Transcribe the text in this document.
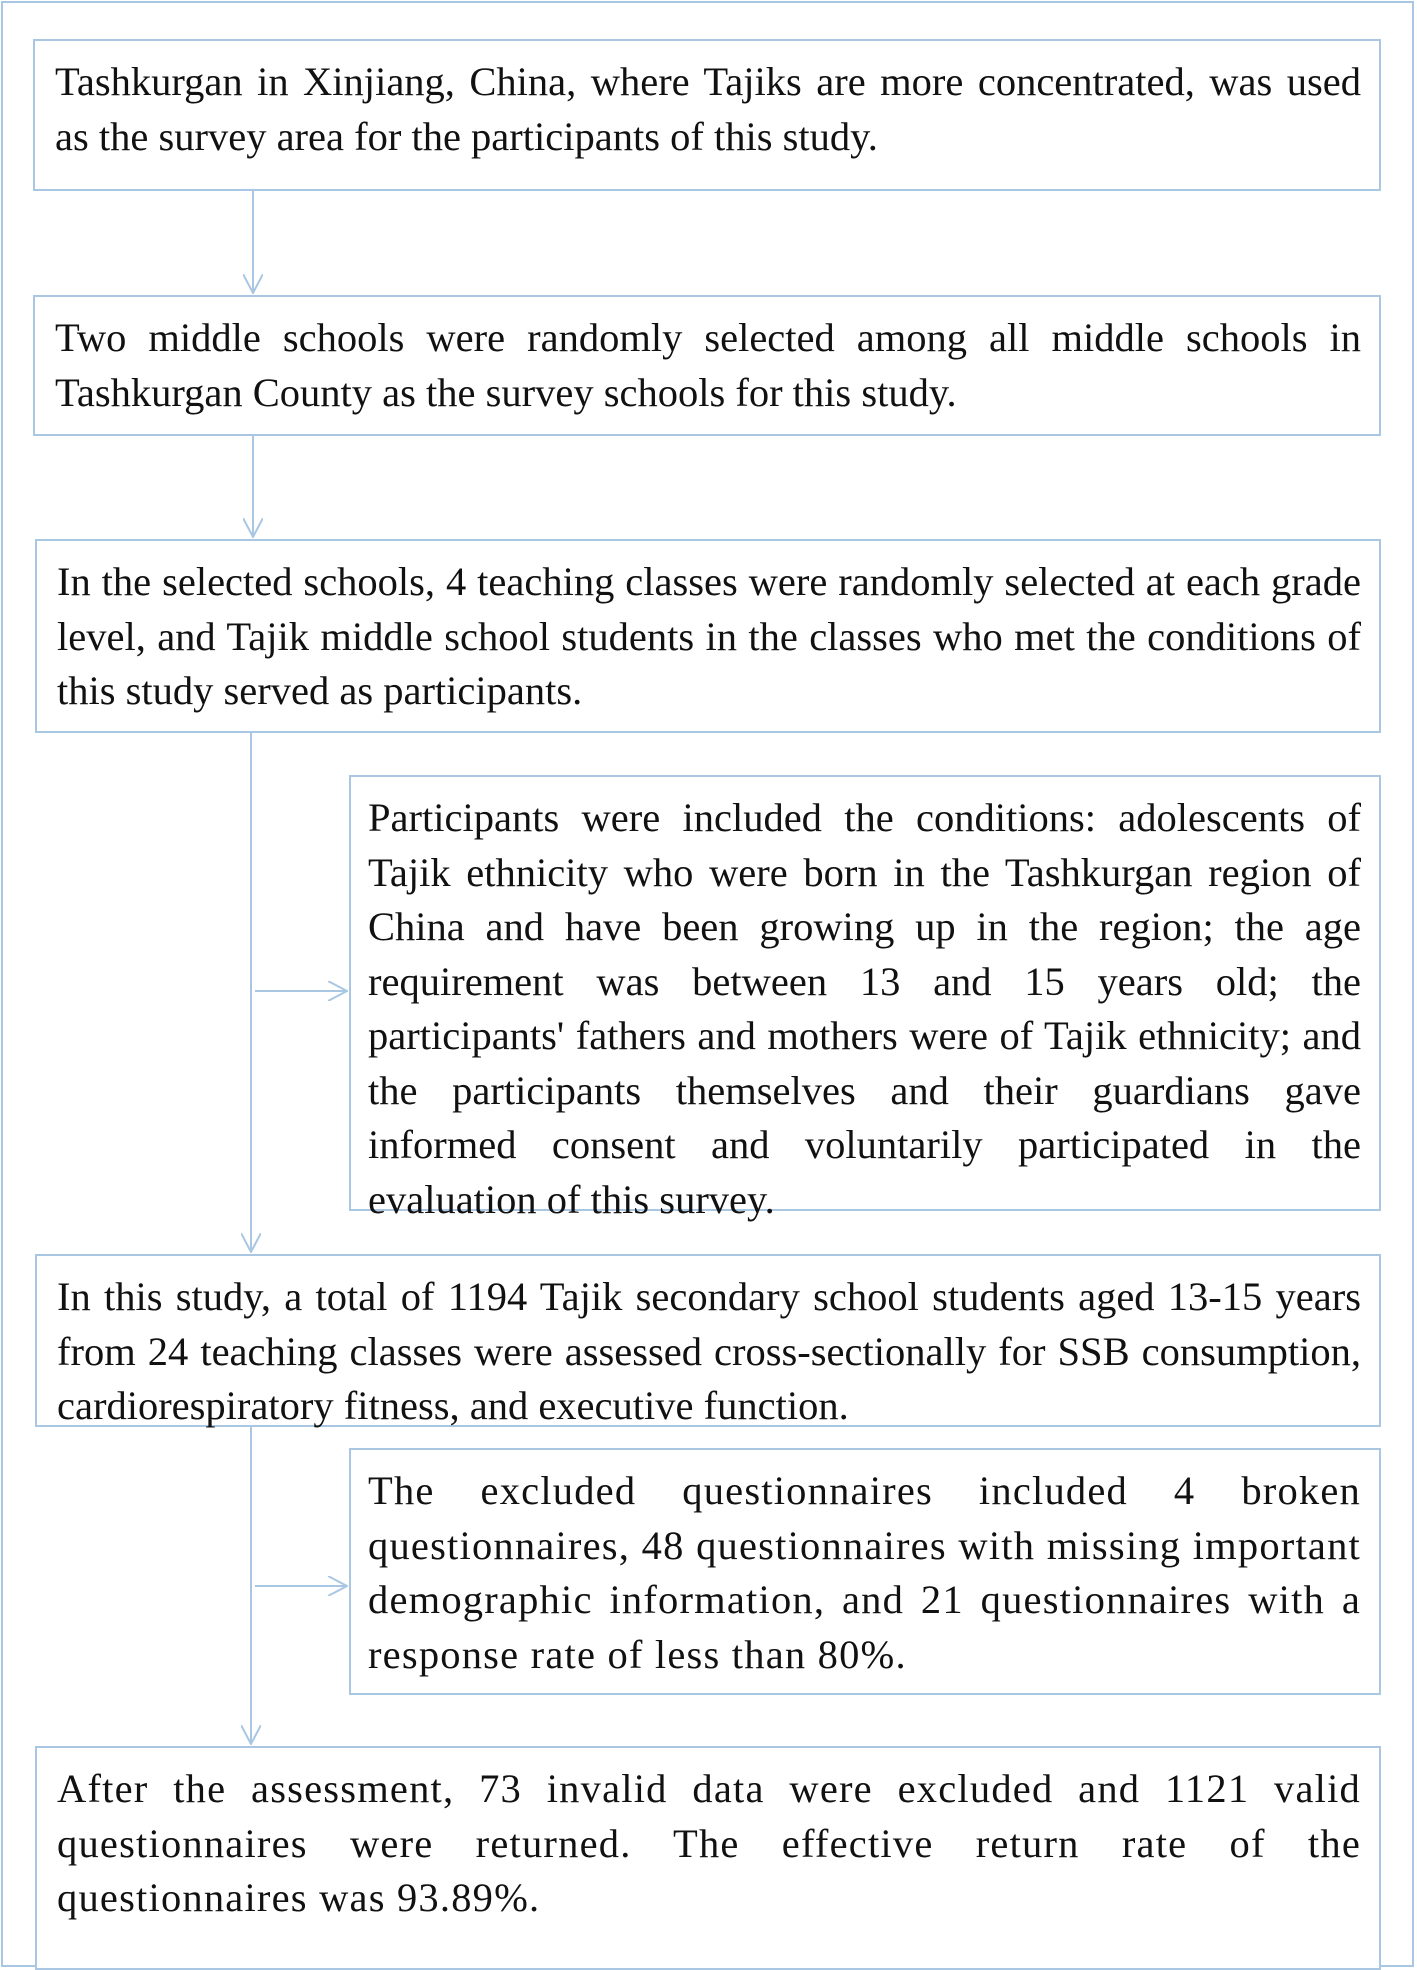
Tashkurgan in Xinjiang, China, where Tajiks are more concentrated, was used as the survey area for the participants of this study.
Two middle schools were randomly selected among all middle schools in Tashkurgan County as the survey schools for this study.
In the selected schools, 4 teaching classes were randomly selected at each grade level, and Tajik middle school students in the classes who met the conditions of this study served as participants.
Participants were included the conditions: adolescents of Tajik ethnicity who were born in the Tashkurgan region of China and have been growing up in the region; the age requirement was between 13 and 15 years old; the participants' fathers and mothers were of Tajik ethnicity; and the participants themselves and their guardians gave informed consent and voluntarily participated in the evaluation of this survey.
In this study, a total of 1194 Tajik secondary school students aged 13-15 years from 24 teaching classes were assessed cross-sectionally for SSB consumption, cardiorespiratory fitness, and executive function.
The excluded questionnaires included 4 broken questionnaires, 48 questionnaires with missing important demographic information, and 21 questionnaires with a response rate of less than 80%.
After the assessment, 73 invalid data were excluded and 1121 valid questionnaires were returned. The effective return rate of the questionnaires was 93.89%.
